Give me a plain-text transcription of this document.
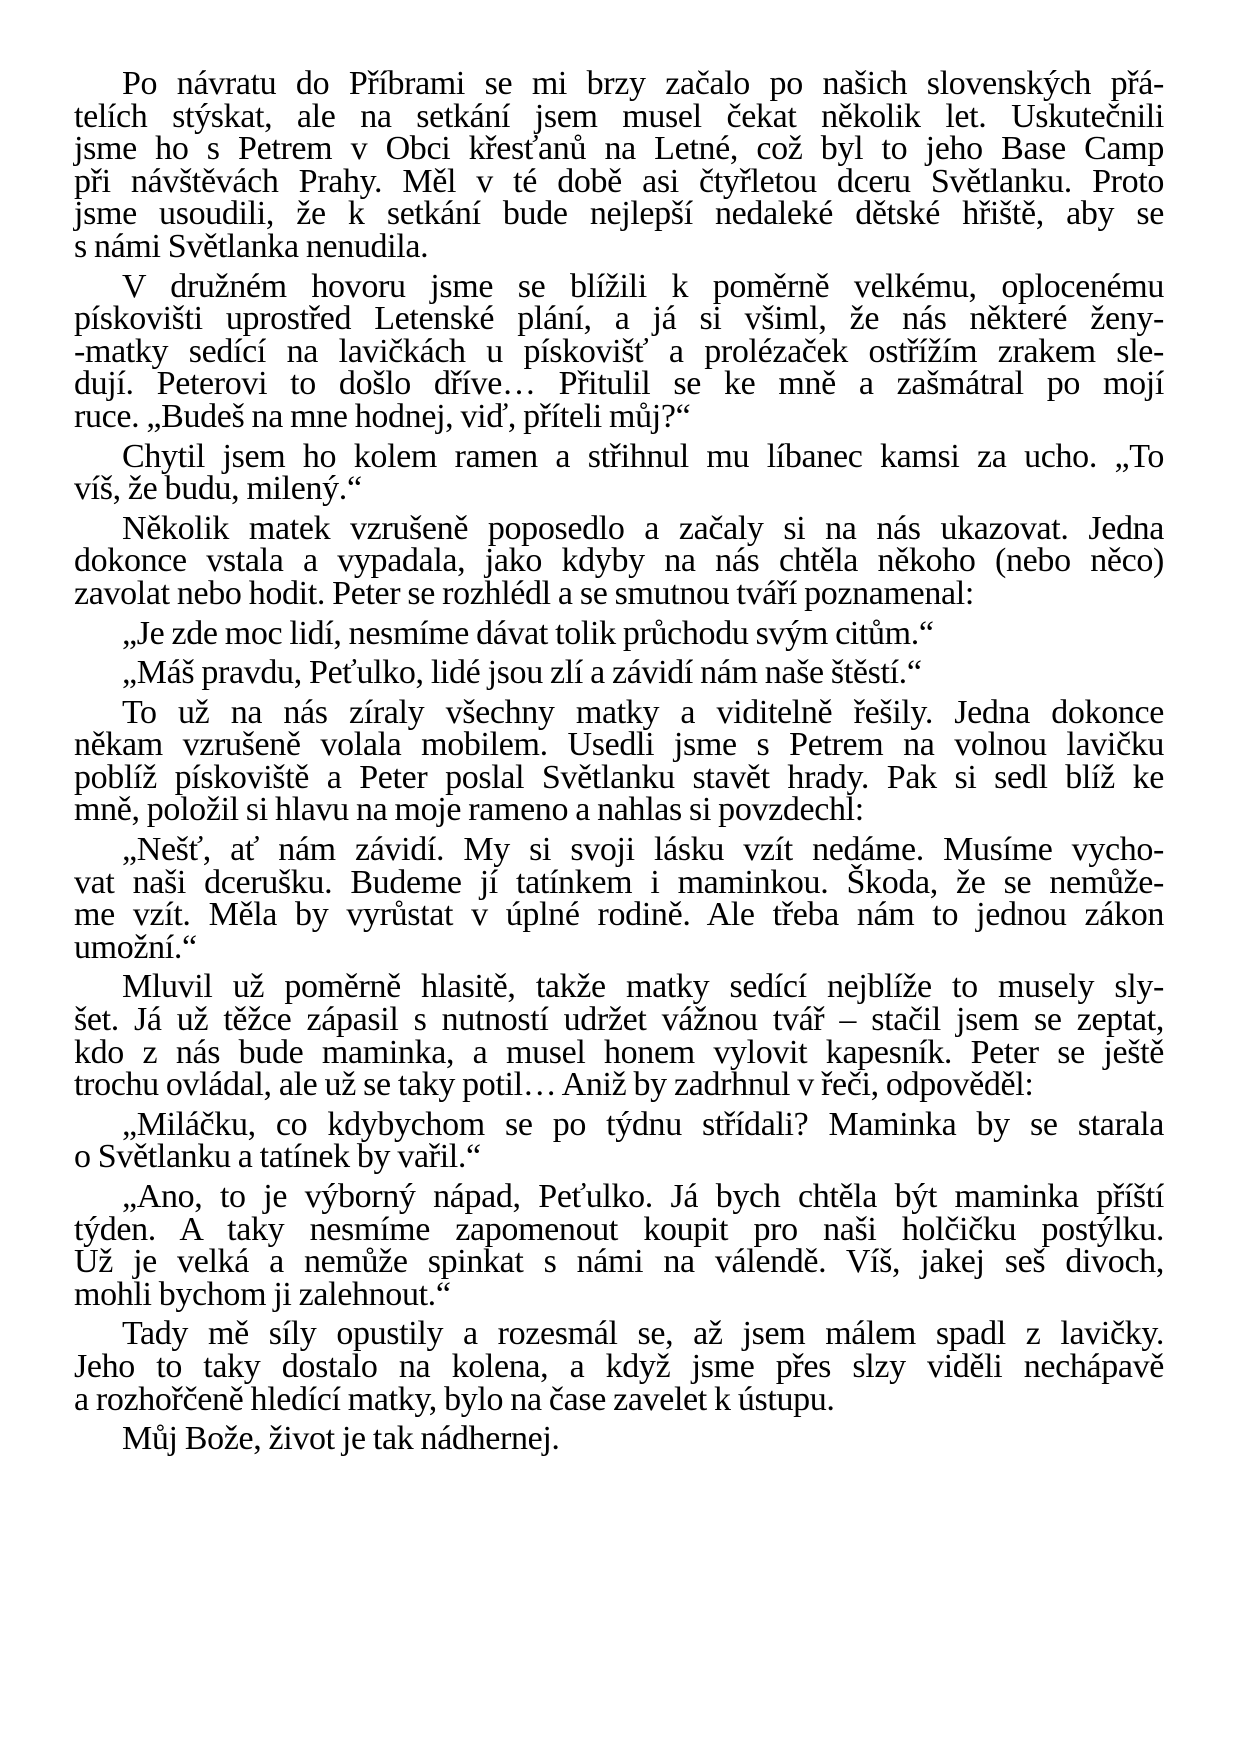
Po návratu do Příbrami se mi brzy začalo po našich slovenských přá-
telích stýskat, ale na setkání jsem musel čekat několik let. Uskutečnili
jsme ho s Petrem v Obci křesťanů na Letné, což byl to jeho Base Camp
při návštěvách Prahy. Měl v té době asi čtyřletou dceru Světlanku. Proto
jsme usoudili, že k setkání bude nejlepší nedaleké dětské hřiště, aby se
s námi Světlanka nenudila.

V družném hovoru jsme se blížili k poměrně velkému, oplocenému
pískovišti uprostřed Letenské plání, a já si všiml, že nás některé ženy-
-matky sedící na lavičkách u pískovišť a prolézaček ostřížím zrakem sle-
dují. Peterovi to došlo dříve… Přitulil se ke mně a zašmátral po mojí
ruce. „Budeš na mne hodnej, viď, příteli můj?“

Chytil jsem ho kolem ramen a střihnul mu líbanec kamsi za ucho. „To
víš, že budu, milený.“

Několik matek vzrušeně poposedlo a začaly si na nás ukazovat. Jedna
dokonce vstala a vypadala, jako kdyby na nás chtěla někoho (nebo něco)
zavolat nebo hodit. Peter se rozhlédl a se smutnou tváří poznamenal:

„Je zde moc lidí, nesmíme dávat tolik průchodu svým citům.“

„Máš pravdu, Peťulko, lidé jsou zlí a závidí nám naše štěstí.“

To už na nás zíraly všechny matky a viditelně řešily. Jedna dokonce
někam vzrušeně volala mobilem. Usedli jsme s Petrem na volnou lavičku
poblíž pískoviště a Peter poslal Světlanku stavět hrady. Pak si sedl blíž ke
mně, položil si hlavu na moje rameno a nahlas si povzdechl:

„Nešť, ať nám závidí. My si svoji lásku vzít nedáme. Musíme vycho-
vat naši dcerušku. Budeme jí tatínkem i maminkou. Škoda, že se nemůže-
me vzít. Měla by vyrůstat v úplné rodině. Ale třeba nám to jednou zákon
umožní.“

Mluvil už poměrně hlasitě, takže matky sedící nejblíže to musely sly-
šet. Já už těžce zápasil s nutností udržet vážnou tvář – stačil jsem se zeptat,
kdo z nás bude maminka, a musel honem vylovit kapesník. Peter se ještě
trochu ovládal, ale už se taky potil… Aniž by zadrhnul v řeči, odpověděl:

„Miláčku, co kdybychom se po týdnu střídali? Maminka by se starala
o Světlanku a tatínek by vařil.“

„Ano, to je výborný nápad, Peťulko. Já bych chtěla být maminka příští
týden. A taky nesmíme zapomenout koupit pro naši holčičku postýlku.
Už je velká a nemůže spinkat s námi na válendě. Víš, jakej seš divoch,
mohli bychom ji zalehnout.“

Tady mě síly opustily a rozesmál se, až jsem málem spadl z lavičky.
Jeho to taky dostalo na kolena, a když jsme přes slzy viděli nechápavě
a rozhořčeně hledící matky, bylo na čase zavelet k ústupu.

Můj Bože, život je tak nádhernej.
